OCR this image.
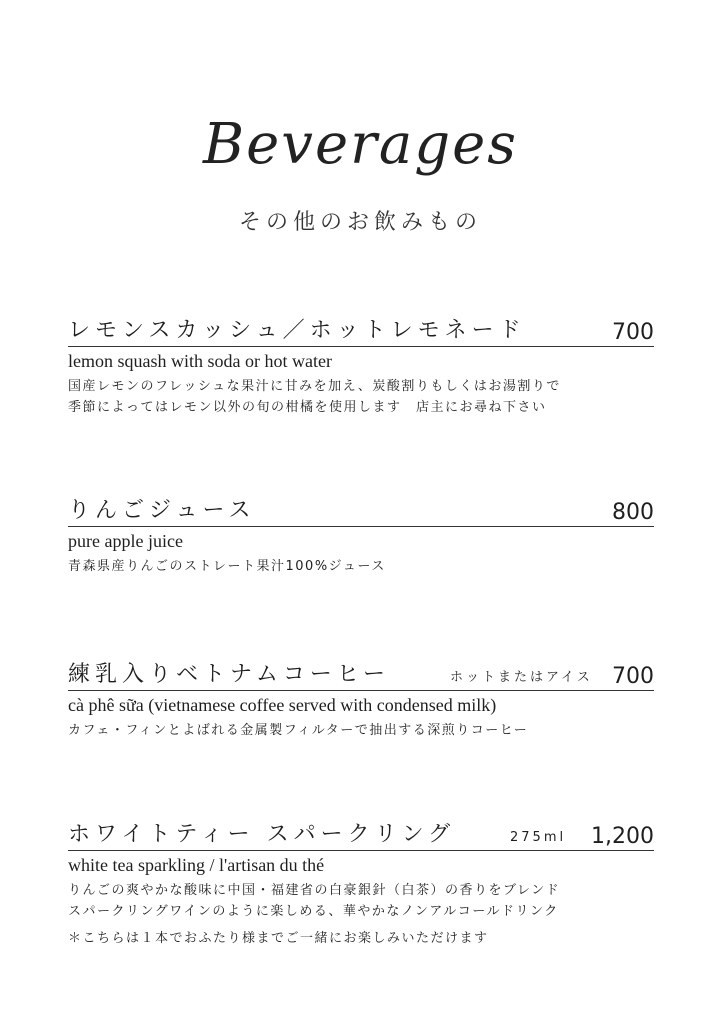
Beverages
その他のお飲みもの
レモンスカッシュ／ホットレモネード	700
lemon squash with soda or hot water
国産レモンのフレッシュな果汁に甘みを加え、炭酸割りもしくはお湯割りで
季節によってはレモン以外の旬の柑橘を使用します　店主にお尋ね下さい
りんごジュース	800
pure apple juice
青森県産りんごのストレート果汁100%ジュース
練乳入りベトナムコーヒー	ホットまたはアイス 700
cà phê sữa (vietnamese coffee served with condensed milk)
カフェ・フィンとよばれる金属製フィルターで抽出する深煎りコーヒー
ホワイトティー スパークリング	275ml 1,200
white tea sparkling / l'artisan du thé
りんごの爽やかな酸味に中国・福建省の白豪銀針（白茶）の香りをブレンド
スパークリングワインのように楽しめる、華やかなノンアルコールドリンク
＊こちらは１本でおふたり様までご一緒にお楽しみいただけます
